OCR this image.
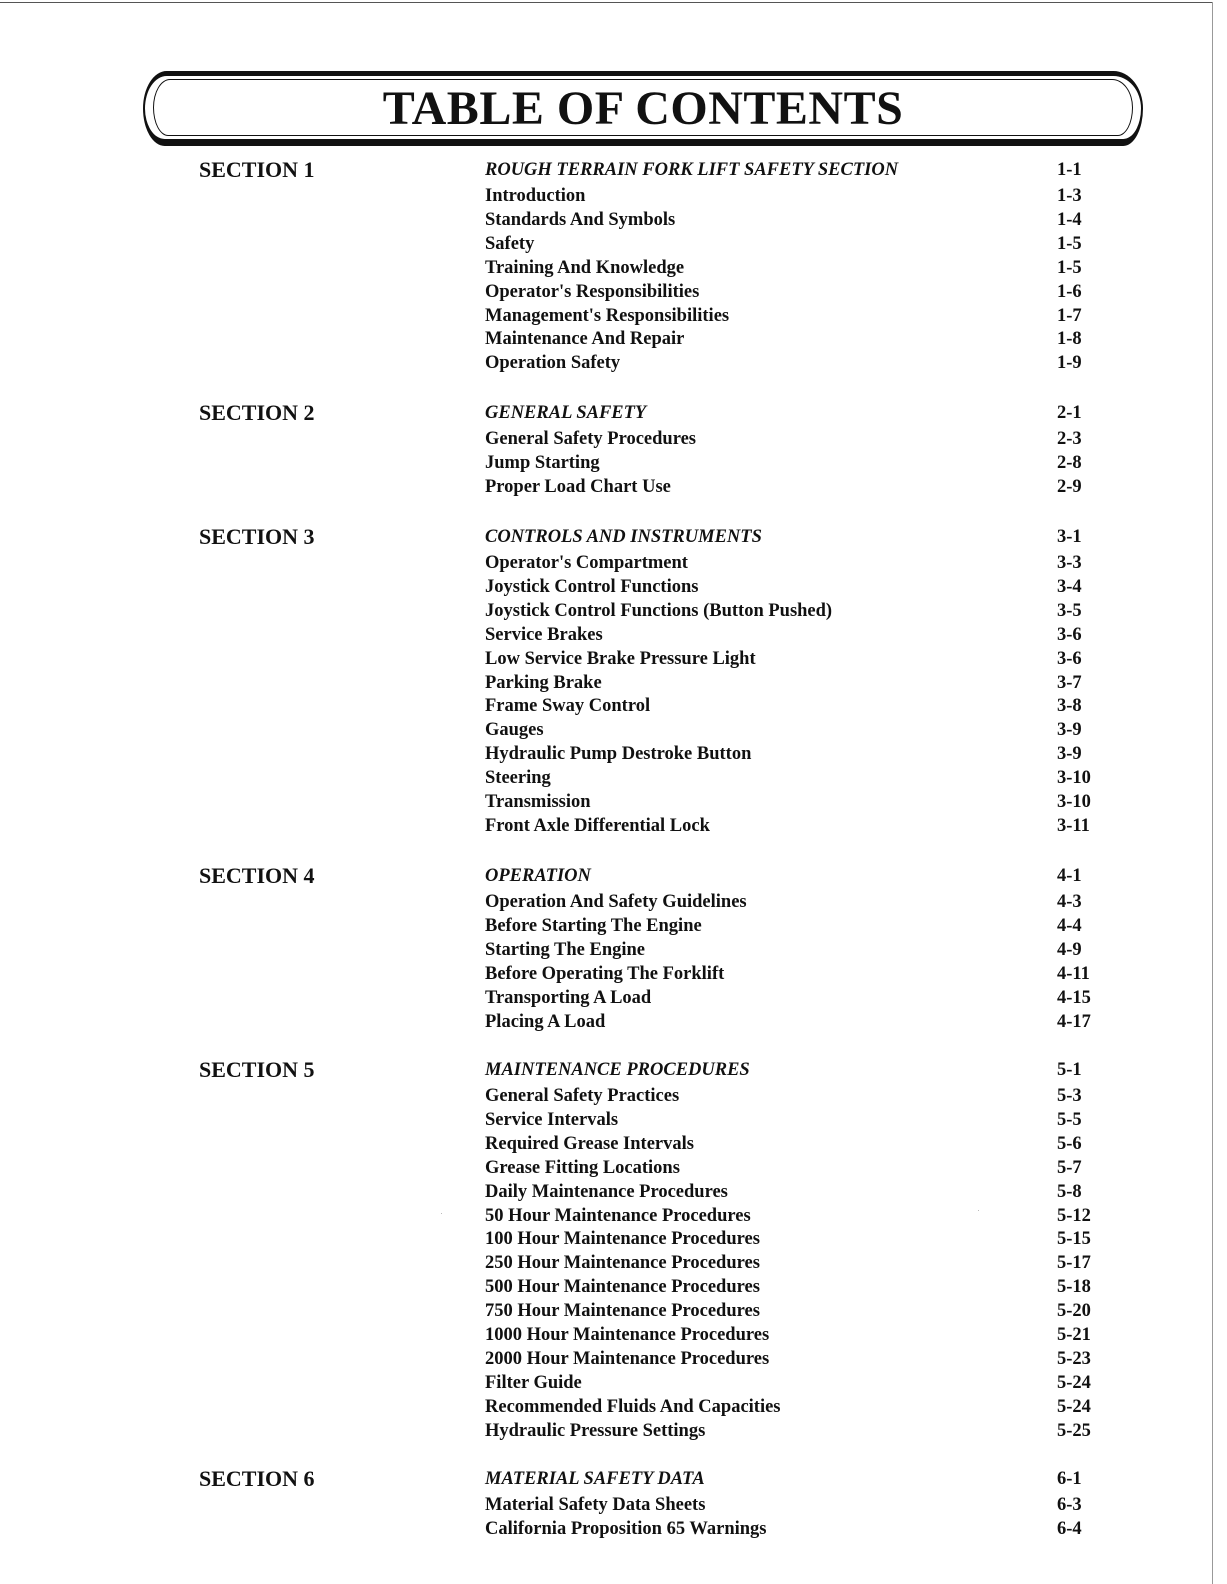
TABLE OF CONTENTS
SECTION 1	ROUGH TERRAIN FORK LIFT SAFETY SECTION	1-1
Introduction	1-3
Standards And Symbols	1-4
Safety	1-5
Training And Knowledge	1-5
Operator's Responsibilities	1-6
Management's Responsibilities	1-7
Maintenance And Repair	1-8
Operation Safety	1-9
SECTION 2	GENERAL SAFETY	2-1
General Safety Procedures	2-3
Jump Starting	2-8
Proper Load Chart Use	2-9
SECTION 3	CONTROLS AND INSTRUMENTS	3-1
Operator's Compartment	3-3
Joystick Control Functions	3-4
Joystick Control Functions (Button Pushed)	3-5
Service Brakes	3-6
Low Service Brake Pressure Light	3-6
Parking Brake	3-7
Frame Sway Control	3-8
Gauges	3-9
Hydraulic Pump Destroke Button	3-9
Steering	3-10
Transmission	3-10
Front Axle Differential Lock	3-11
SECTION 4	OPERATION	4-1
Operation And Safety Guidelines	4-3
Before Starting The Engine	4-4
Starting The Engine	4-9
Before Operating The Forklift	4-11
Transporting A Load	4-15
Placing A Load	4-17
SECTION 5	MAINTENANCE PROCEDURES	5-1
General Safety Practices	5-3
Service Intervals	5-5
Required Grease Intervals	5-6
Grease Fitting Locations	5-7
Daily Maintenance Procedures	5-8
50 Hour Maintenance Procedures	5-12
100 Hour Maintenance Procedures	5-15
250 Hour Maintenance Procedures	5-17
500 Hour Maintenance Procedures	5-18
750 Hour Maintenance Procedures	5-20
1000 Hour Maintenance Procedures	5-21
2000 Hour Maintenance Procedures	5-23
Filter Guide	5-24
Recommended Fluids And Capacities	5-24
Hydraulic Pressure Settings	5-25
SECTION 6	MATERIAL SAFETY DATA	6-1
Material Safety Data Sheets	6-3
California Proposition 65 Warnings	6-4
